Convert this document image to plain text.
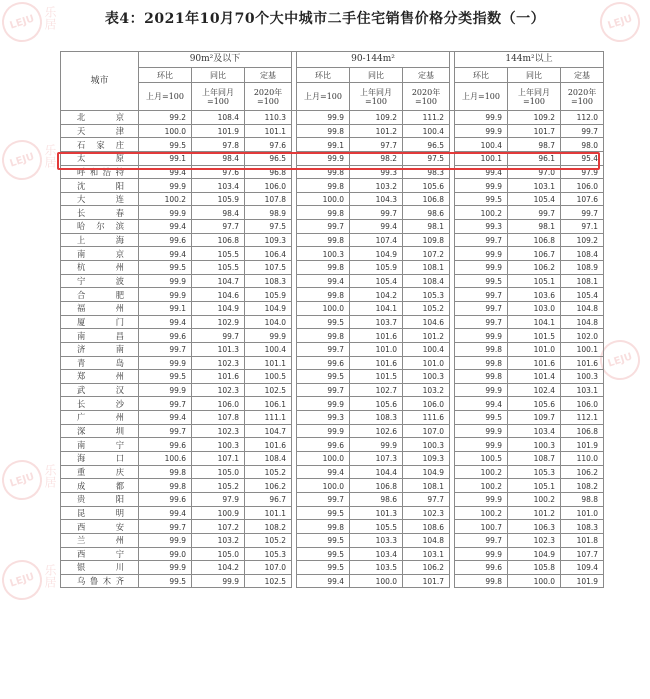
LEJU 乐居
LEJU 乐居
LEJU 乐居
LEJU 乐居
LEJU
LEJU
表4：2021年10月70个大中城市二手住宅销售价格分类指数（一）
城市	90m²及以下				90-144m²				144m²以上		
	环比	同比	定基		环比	同比	定基		环比	同比	定基
	上月=100	上年同月=100	2020年=100		上月=100	上年同月=100	2020年=100		上月=100	上年同月=100	2020年=100
北京	99.2	108.4	110.3		99.9	109.2	111.2		99.9	109.2	112.0
天津	100.0	101.9	101.1		99.8	101.2	100.4		99.9	101.7	99.7
石家庄	99.5	97.8	97.6		99.1	97.7	96.5		100.4	98.7	98.0
太原	99.1	98.4	96.5		99.9	98.2	97.5		100.1	96.1	95.4
呼和浩特	99.4	97.6	96.8		99.8	99.3	98.3		99.4	97.0	97.9
沈阳	99.9	103.4	106.0		99.8	103.2	105.6		99.9	103.1	106.0
大连	100.2	105.9	107.8		100.0	104.3	106.8		99.5	105.4	107.6
长春	99.9	98.4	98.9		99.8	99.7	98.6		100.2	99.7	99.7
哈尔滨	99.4	97.7	97.5		99.7	99.4	98.1		99.3	98.1	97.1
上海	99.6	106.8	109.3		99.8	107.4	109.8		99.7	106.8	109.2
南京	99.4	105.5	106.4		100.3	104.9	107.2		99.9	106.7	108.4
杭州	99.5	105.5	107.5		99.8	105.9	108.1		99.9	106.2	108.9
宁波	99.9	104.7	108.3		99.4	105.4	108.4		99.5	105.1	108.1
合肥	99.9	104.6	105.9		99.8	104.2	105.3		99.7	103.6	105.4
福州	99.1	104.9	104.9		100.0	104.1	105.2		99.7	103.0	104.8
厦门	99.4	102.9	104.0		99.5	103.7	104.6		99.7	104.1	104.8
南昌	99.6	99.7	99.9		99.8	101.6	101.2		99.9	101.5	102.0
济南	99.7	101.3	100.4		99.7	101.0	100.4		99.8	101.0	100.1
青岛	99.9	102.3	101.1		99.6	101.6	101.0		99.8	101.6	101.6
郑州	99.5	101.6	100.5		99.5	101.5	100.3		99.8	101.4	100.3
武汉	99.9	102.3	102.5		99.7	102.7	103.2		99.9	102.4	103.1
长沙	99.7	106.0	106.1		99.9	105.6	106.0		99.4	105.6	106.0
广州	99.4	107.8	111.1		99.3	108.3	111.6		99.5	109.7	112.1
深圳	99.7	102.3	104.7		99.9	102.6	107.0		99.9	103.4	106.8
南宁	99.6	100.3	101.6		99.6	99.9	100.3		99.9	100.3	101.9
海口	100.6	107.1	108.4		100.0	107.3	109.3		100.5	108.7	110.0
重庆	99.8	105.0	105.2		99.4	104.4	104.9		100.2	105.3	106.2
成都	99.8	105.2	106.2		100.0	106.8	108.1		100.2	105.1	108.2
贵阳	99.6	97.9	96.7		99.7	98.6	97.7		99.9	100.2	98.8
昆明	99.4	100.9	101.1		99.5	101.3	102.3		100.2	101.2	101.0
西安	99.7	107.2	108.2		99.8	105.5	108.6		100.7	106.3	108.3
兰州	99.9	103.2	105.2		99.5	103.3	104.8		99.7	102.3	101.8
西宁	99.0	105.0	105.3		99.5	103.4	103.1		99.9	104.9	107.7
银川	99.9	104.2	107.0		99.5	103.5	106.2		99.6	105.8	109.4
乌鲁木齐	99.5	99.9	102.5		99.4	100.0	101.7		99.8	100.0	101.9
